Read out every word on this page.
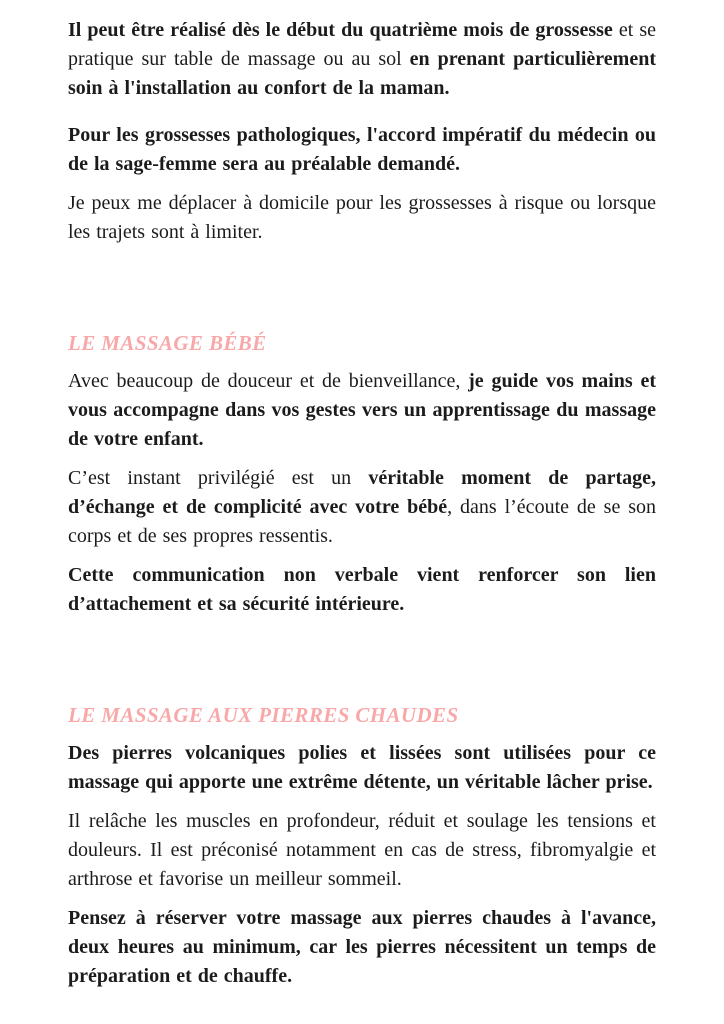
Il peut être réalisé dès le début du quatrième mois de grossesse et se pratique sur table de massage ou au sol en prenant particulièrement soin à l'installation au confort de la maman.

Pour les grossesses pathologiques, l'accord impératif du médecin ou de la sage-femme sera au préalable demandé.

Je peux me déplacer à domicile pour les grossesses à risque ou lorsque les trajets sont à limiter.

LE MASSAGE BÉBÉ

Avec beaucoup de douceur et de bienveillance, je guide vos mains et vous accompagne dans vos gestes vers un apprentissage du massage de votre enfant.

C’est instant privilégié est un véritable moment de partage, d’échange et de complicité avec votre bébé, dans l’écoute de se son corps et de ses propres ressentis.

Cette communication non verbale vient renforcer son lien d’attachement et sa sécurité intérieure.

LE MASSAGE AUX PIERRES CHAUDES

Des pierres volcaniques polies et lissées sont utilisées pour ce massage qui apporte une extrême détente, un véritable lâcher prise.

Il relâche les muscles en profondeur, réduit et soulage les tensions et douleurs. Il est préconisé notamment en cas de stress, fibromyalgie et arthrose et favorise un meilleur sommeil.

Pensez à réserver votre massage aux pierres chaudes à l'avance, deux heures au minimum, car les pierres nécessitent un temps de préparation et de chauffe.
